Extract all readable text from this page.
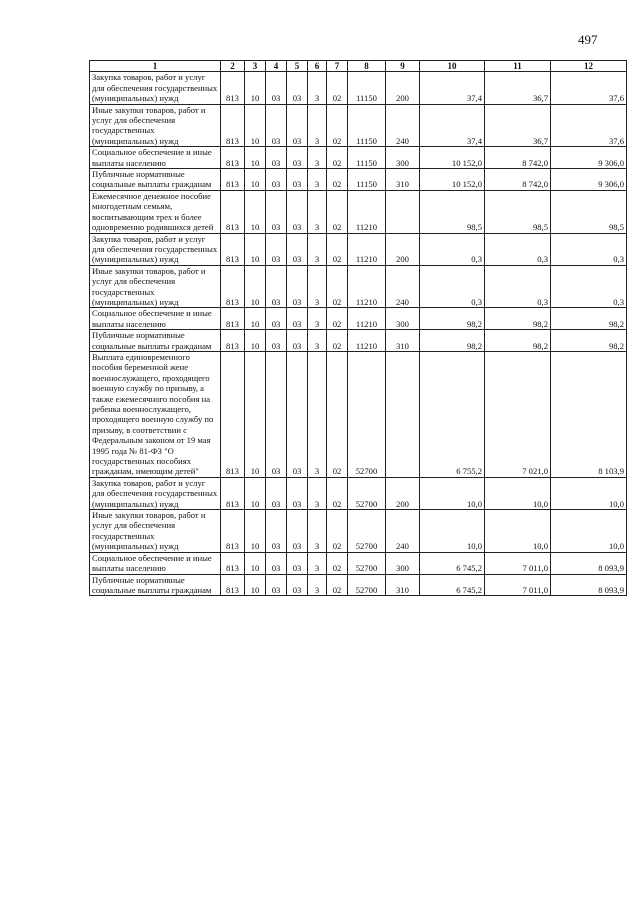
497
1	2	3	4	5	6	7	8	9	10	11	12
Закупка товаров, работ и услуг для обеспечения государственных (муниципальных) нужд	813	10	03	03	3	02	11150	200	37,4	36,7	37,6
Иные закупки товаров, работ и услуг для обеспечения государственных (муниципальных) нужд	813	10	03	03	3	02	11150	240	37,4	36,7	37,6
Социальное обеспечение и иные выплаты населению	813	10	03	03	3	02	11150	300	10 152,0	8 742,0	9 306,0
Публичные нормативные социальные выплаты гражданам	813	10	03	03	3	02	11150	310	10 152,0	8 742,0	9 306,0
Ежемесячное денежное пособие многодетным семьям, воспитывающим трех и более одновременно родившихся детей	813	10	03	03	3	02	11210		98,5	98,5	98,5
Закупка товаров, работ и услуг для обеспечения государственных (муниципальных) нужд	813	10	03	03	3	02	11210	200	0,3	0,3	0,3
Иные закупки товаров, работ и услуг для обеспечения государственных (муниципальных) нужд	813	10	03	03	3	02	11210	240	0,3	0,3	0,3
Социальное обеспечение и иные выплаты населению	813	10	03	03	3	02	11210	300	98,2	98,2	98,2
Публичные нормативные социальные выплаты гражданам	813	10	03	03	3	02	11210	310	98,2	98,2	98,2
Выплата единовременного пособия беременной жене военнослужащего, проходящего военную службу по призыву, а также ежемесячного пособия на ребенка военнослужащего, проходящего военную службу по призыву, в соответствии с Федеральным законом от 19 мая 1995 года № 81-ФЗ "О государственных пособиях гражданам, имеющим детей"	813	10	03	03	3	02	52700		6 755,2	7 021,0	8 103,9
Закупка товаров, работ и услуг для обеспечения государственных (муниципальных) нужд	813	10	03	03	3	02	52700	200	10,0	10,0	10,0
Иные закупки товаров, работ и услуг для обеспечения государственных (муниципальных) нужд	813	10	03	03	3	02	52700	240	10,0	10,0	10,0
Социальное обеспечение и иные выплаты населению	813	10	03	03	3	02	52700	300	6 745,2	7 011,0	8 093,9
Публичные нормативные социальные выплаты гражданам	813	10	03	03	3	02	52700	310	6 745,2	7 011,0	8 093,9
